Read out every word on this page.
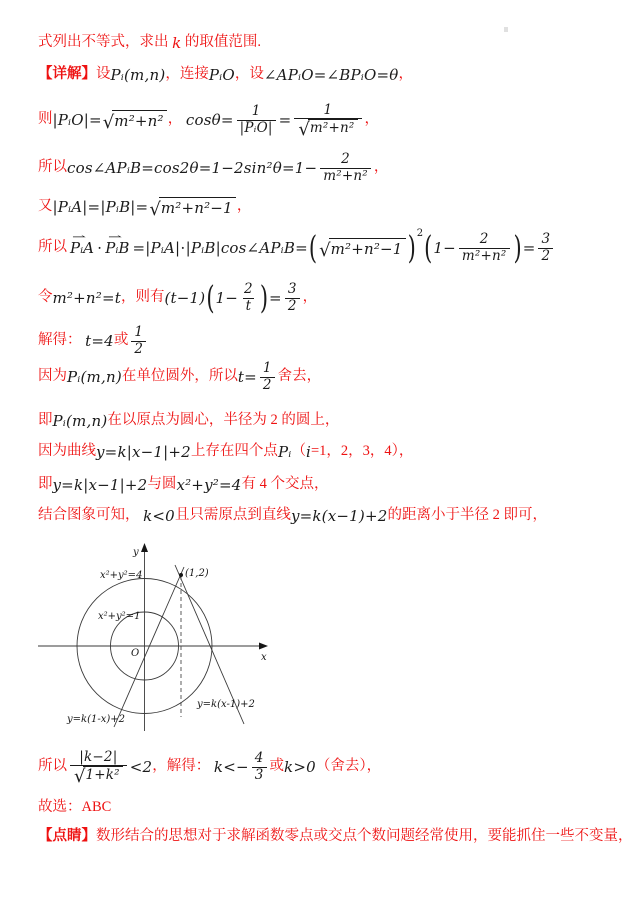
式列出不等式，求出 k 的取值范围.
【详解】 设 Pᵢ(m,n) ，连接 PᵢO ，设 ∠APᵢO=∠BPᵢO=θ ，
则 |PᵢO|= √ m²+n² ， cosθ= 1
|PᵢO| = $\frac{1}{\text{√ m²+n²}}$ ，
所以 cos∠APᵢB=cos2θ=1−2sin²θ=1− $\frac{2}{\text{m²+n²}}$ ，
又 |PᵢA|=|PᵢB|= √ m²+n²−1 ，
所以 PᵢA ⇀ ⋅ PᵢB ⇀ =|PᵢA|⋅|PᵢB|cos∠APᵢB= ( √ m²+n²−1 ) 2 ( $1- \frac{2}{\text{m²+n²}}$ ) = $\frac{3}{2}$
令 m²+n²=t ，则有 (t−1) ( $1- \frac{2}{t}$ ) = $\frac{3}{2}$ ，
解得： t=4 或 $\frac{1}{2}$
因为 Pᵢ(m,n) 在单位圆外，所以 $t= \frac{1}{2}$ 舍去，
即 Pᵢ(m,n) 在以原点为圆心，半径为 2 的圆上，
因为曲线 y=k|x−1|+2 上存在四个点 Pᵢ （ i =1，2，3，4），
即 y=k|x−1|+2 与圆 x²+y²=4 有 4 个交点，
结合图象可知， k<0 且只需原点到直线 y=k(x−1)+2 的距离小于半径 2 即可，
所以 $\frac{|k-2|}{\text{√ 1+k²}} <2$ ，解得： $k<- \frac{4}{3}$ 或 k>0 （舍去），
故选：ABC
【点睛】 数形结合的思想对于求解函数零点或交点个数问题经常使用，要能抓住一些不变量，
y
x
O
x²+y²=4
x²+y²=1
(1,2)
y=k(1-x)+2
y=k(x-1)+2
